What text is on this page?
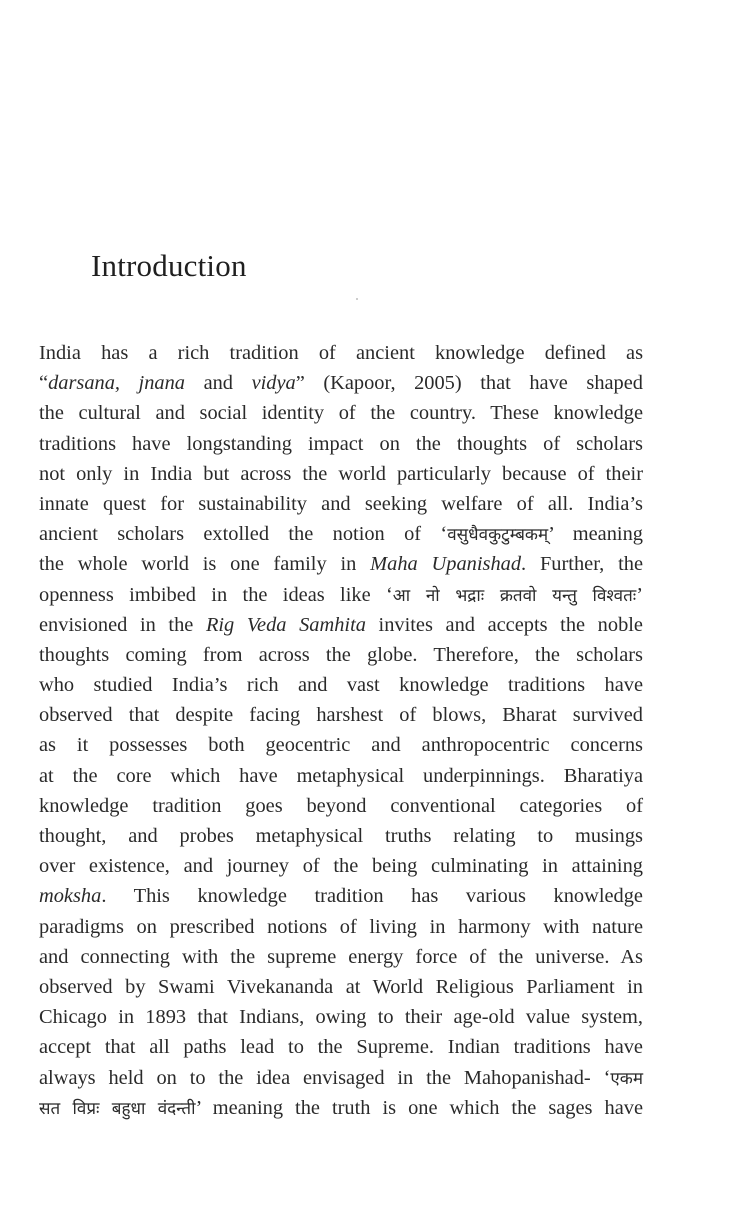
Introduction
India has a rich tradition of ancient knowledge defined as
“darsana, jnana and vidya” (Kapoor, 2005) that have shaped
the cultural and social identity of the country. These knowledge
traditions have longstanding impact on the thoughts of scholars
not only in India but across the world particularly because of their
innate quest for sustainability and seeking welfare of all. India’s
ancient scholars extolled the notion of ‘वसुधैवकुटुम्बकम्’ meaning
the whole world is one family in Maha Upanishad. Further, the
openness imbibed in the ideas like ‘आ नो भद्राः क्रतवो यन्तु विश्वतः’
envisioned in the Rig Veda Samhita invites and accepts the noble
thoughts coming from across the globe. Therefore, the scholars
who studied India’s rich and vast knowledge traditions have
observed that despite facing harshest of blows, Bharat survived
as it possesses both geocentric and anthropocentric concerns
at the core which have metaphysical underpinnings. Bharatiya
knowledge tradition goes beyond conventional categories of
thought, and probes metaphysical truths relating to musings
over existence, and journey of the being culminating in attaining
moksha. This knowledge tradition has various knowledge
paradigms on prescribed notions of living in harmony with nature
and connecting with the supreme energy force of the universe. As
observed by Swami Vivekananda at World Religious Parliament in
Chicago in 1893 that Indians, owing to their age-old value system,
accept that all paths lead to the Supreme. Indian traditions have
always held on to the idea envisaged in the Mahopanishad- ‘एकम
सत विप्रः बहुधा वंदन्ती’ meaning the truth is one which the sages have
